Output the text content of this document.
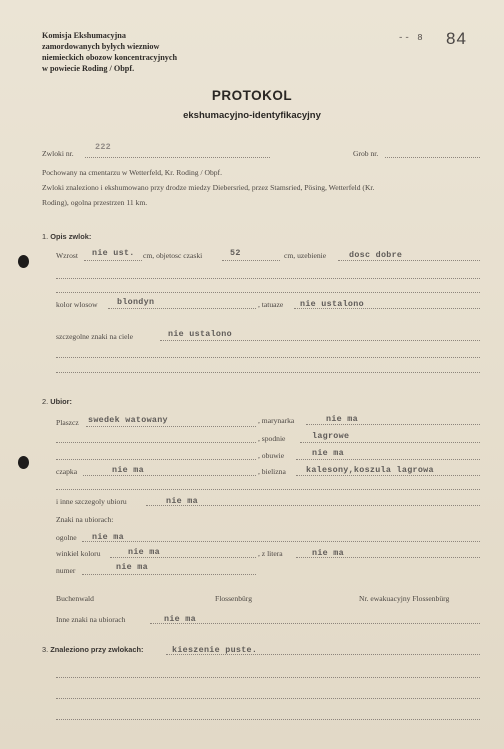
Komisja Ekshumacyjna
zamordowanych byłych wiezniow
niemieckich obozow koncentracyjnych
w powiecie Roding / Obpf.
-- 8 84
PROTOKOL
ekshumacyjno-identyfikacyjny
Zwloki nr.
222
Grob nr.
Pochowany na cmentarzu w Wetterfeld, Kr. Roding / Obpf.
Zwloki znaleziono i ekshumowano przy drodze miedzy Diebersried, przez Stamsried, Pösing, Wetterfeld (Kr.
Roding), ogolna przestrzen 11 km.
1. Opis zwlok:
Wzrost nie ust. cm, objetosc czaski	52	cm, uzebienie	dosc dobre
kolor wlosow blondyn	, tatuaze nie ustalono
szczegolne znaki na ciele	nie ustalono
2. Ubior:
Plaszcz swedek watowany	, marynarka	nie ma
, spodnie	lagrowe
, obuwie	nie ma
czapka	nie ma	, bielizna kalesony,koszula lagrowa
i inne szczegoly ubioru	nie ma
Znaki na ubiorach:
ogolne nie ma
winkiel koloru	nie ma	, z litera	nie ma
numer	nie ma
Buchenwald	Flossenbürg	Nr. ewakuacyjny Flossenbürg
Inne znaki na ubiorach	nie ma
3. Znaleziono przy zwlokach:	kieszenie puste.
